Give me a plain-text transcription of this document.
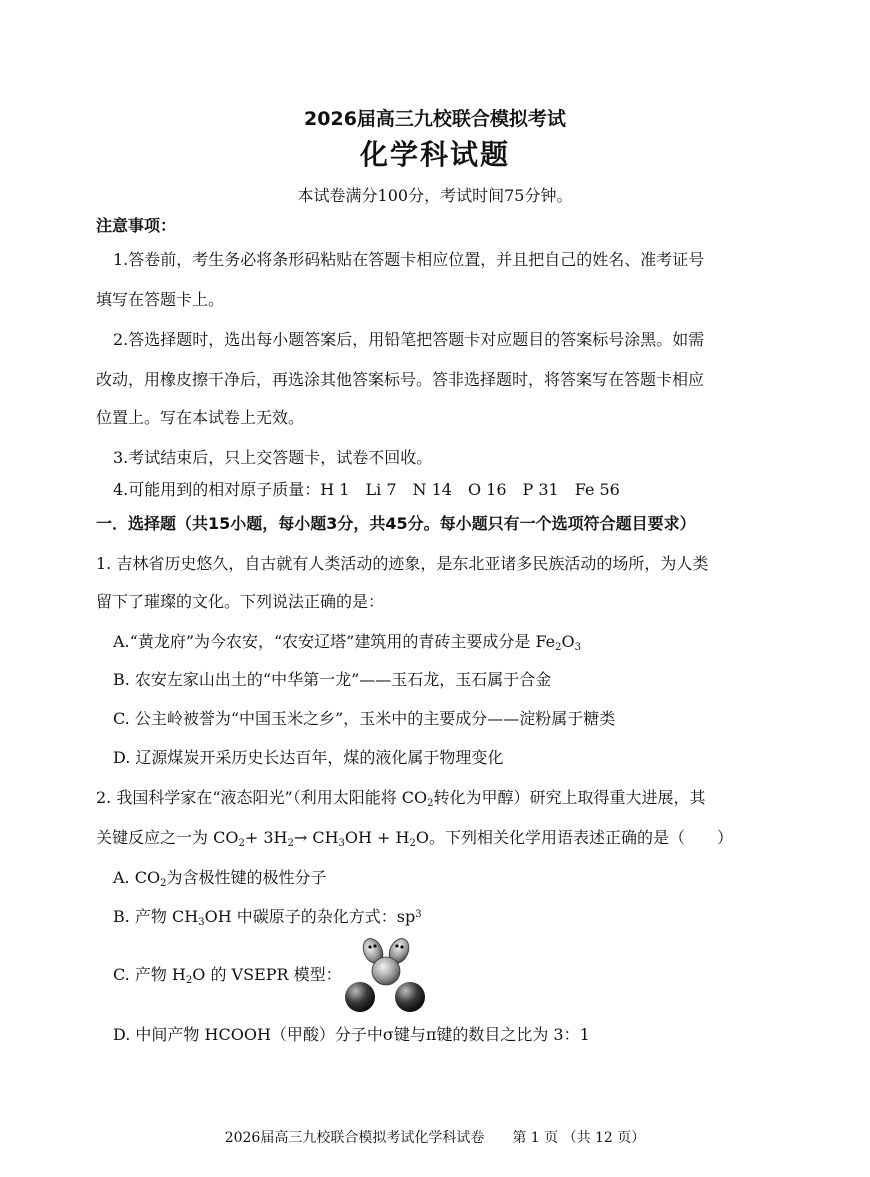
2026届高三九校联合模拟考试
化学科试题
本试卷满分100分，考试时间75分钟。
注意事项：
1.答卷前，考生务必将条形码粘贴在答题卡相应位置，并且把自己的姓名、准考证号
填写在答题卡上。
2.答选择题时，选出每小题答案后，用铅笔把答题卡对应题目的答案标号涂黑。如需
改动，用橡皮擦干净后，再选涂其他答案标号。答非选择题时，将答案写在答题卡相应
位置上。写在本试卷上无效。
3.考试结束后，只上交答题卡，试卷不回收。
4.可能用到的相对原子质量：H 1　Li 7　N 14　O 16　P 31　Fe 56
一．选择题（共15小题，每小题3分，共45分。每小题只有一个选项符合题目要求）
1. 吉林省历史悠久，自古就有人类活动的迹象，是东北亚诸多民族活动的场所，为人类
留下了璀璨的文化。下列说法正确的是：
A.“黄龙府”为今农安，“农安辽塔”建筑用的青砖主要成分是 $Fe_2O_3$
B. 农安左家山出土的“中华第一龙”——玉石龙，玉石属于合金
C. 公主岭被誉为“中国玉米之乡”，玉米中的主要成分——淀粉属于糖类
D. 辽源煤炭开采历史长达百年，煤的液化属于物理变化
2. 我国科学家在“液态阳光”（利用太阳能将 $CO_2$转化为甲醇）研究上取得重大进展，其
关键反应之一为 $CO_2+ 3H_2\to CH_3OH + H_2O$。下列相关化学用语表述正确的是（　　）
A. $CO_2$为含极性键的极性分子
B. 产物 $CH_3OH$ 中碳原子的杂化方式：$sp^3$
C. 产物 $H_2O$ 的 VSEPR 模型：
D. 中间产物 HCOOH（甲酸）分子中σ键与π键的数目之比为 3：1
2026届高三九校联合模拟考试化学科试卷　　第 1 页 （共 12 页）
